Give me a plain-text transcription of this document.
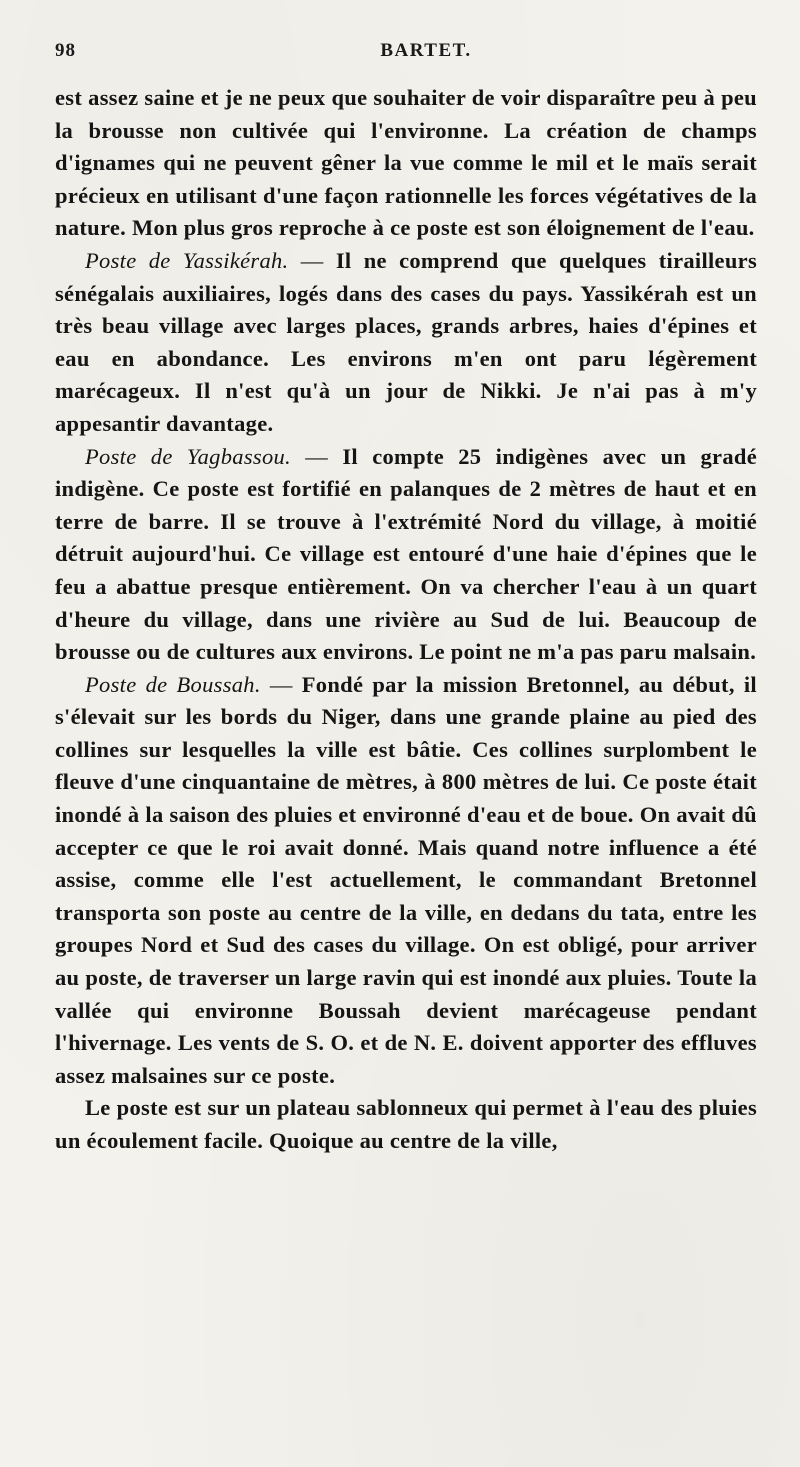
98	BARTET.

est assez saine et je ne peux que souhaiter de voir disparaître peu à peu la brousse non cultivée qui l'environne. La création de champs d'ignames qui ne peuvent gêner la vue comme le mil et le maïs serait précieux en utilisant d'une façon rationnelle les forces végétatives de la nature. Mon plus gros reproche à ce poste est son éloignement de l'eau.

Poste de Yassikérah. — Il ne comprend que quelques tirailleurs sénégalais auxiliaires, logés dans des cases du pays. Yassikérah est un très beau village avec larges places, grands arbres, haies d'épines et eau en abondance. Les environs m'en ont paru légèrement marécageux. Il n'est qu'à un jour de Nikki. Je n'ai pas à m'y appesantir davantage.

Poste de Yagbassou. — Il compte 25 indigènes avec un gradé indigène. Ce poste est fortifié en palanques de 2 mètres de haut et en terre de barre. Il se trouve à l'extrémité Nord du village, à moitié détruit aujourd'hui. Ce village est entouré d'une haie d'épines que le feu a abattue presque entièrement. On va chercher l'eau à un quart d'heure du village, dans une rivière au Sud de lui. Beaucoup de brousse ou de cultures aux environs. Le point ne m'a pas paru malsain.

Poste de Boussah. — Fondé par la mission Bretonnel, au début, il s'élevait sur les bords du Niger, dans une grande plaine au pied des collines sur lesquelles la ville est bâtie. Ces collines surplombent le fleuve d'une cinquantaine de mètres, à 800 mètres de lui. Ce poste était inondé à la saison des pluies et environné d'eau et de boue. On avait dû accepter ce que le roi avait donné. Mais quand notre influence a été assise, comme elle l'est actuellement, le commandant Bretonnel transporta son poste au centre de la ville, en dedans du tata, entre les groupes Nord et Sud des cases du village. On est obligé, pour arriver au poste, de traverser un large ravin qui est inondé aux pluies. Toute la vallée qui environne Boussah devient marécageuse pendant l'hivernage. Les vents de S. O. et de N. E. doivent apporter des effluves assez malsaines sur ce poste.

Le poste est sur un plateau sablonneux qui permet à l'eau des pluies un écoulement facile. Quoique au centre de la ville,
